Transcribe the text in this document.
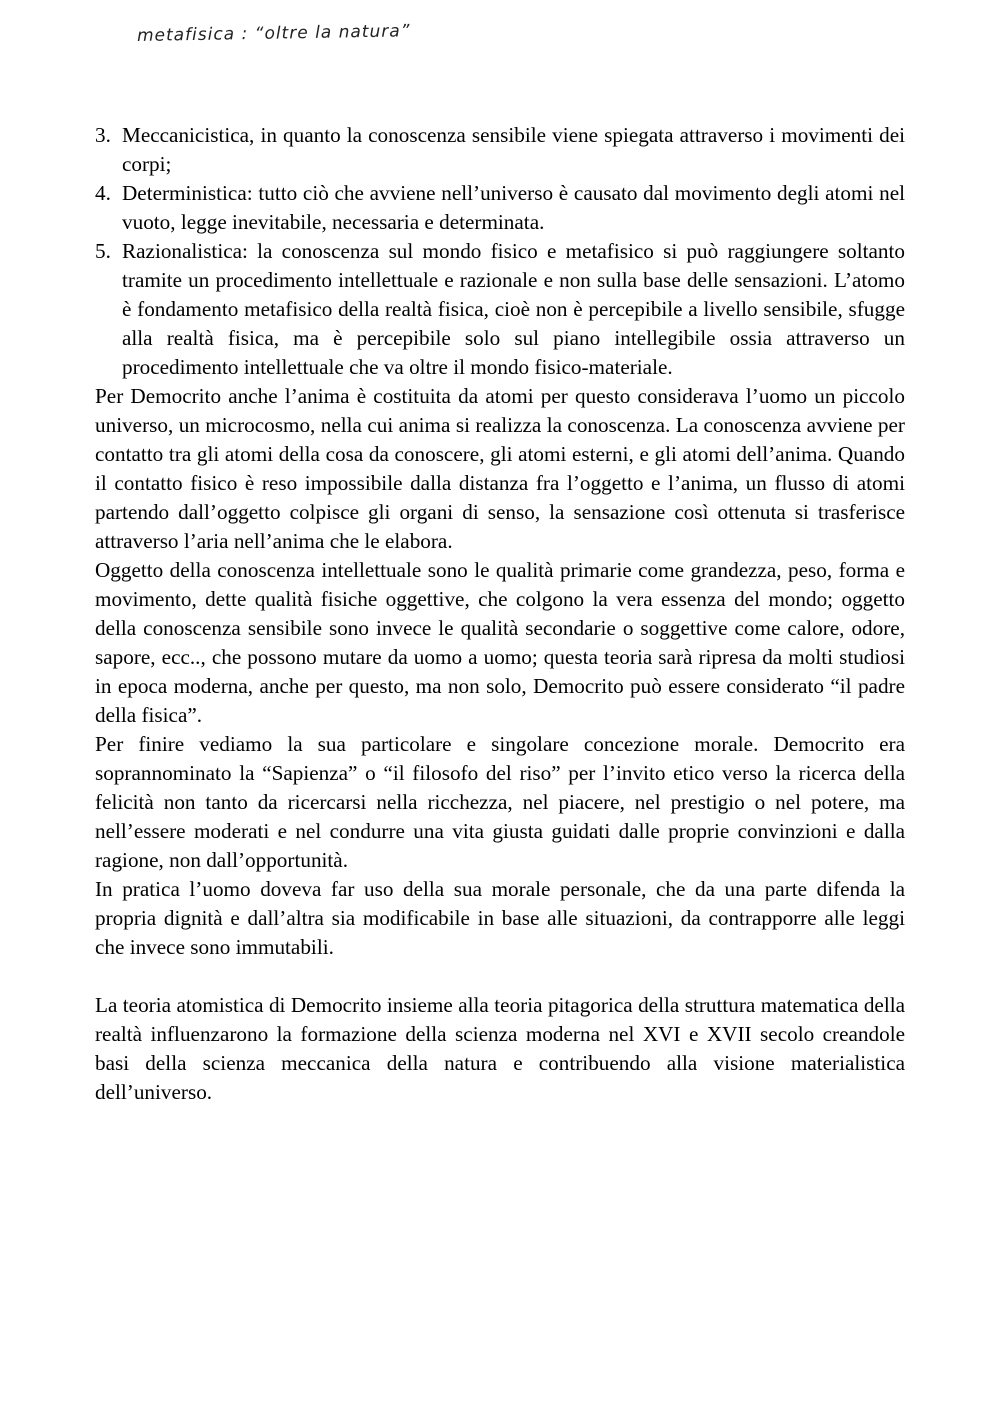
metafisica : “oltre la natura”
3. Meccanicistica, in quanto la conoscenza sensibile viene spiegata attraverso i movimenti dei corpi;
4. Deterministica: tutto ciò che avviene nell’universo è causato dal movimento degli atomi nel vuoto, legge inevitabile, necessaria e determinata.
5. Razionalistica: la conoscenza sul mondo fisico e metafisico si può raggiungere soltanto tramite un procedimento intellettuale e razionale e non sulla base delle sensazioni. L’atomo è fondamento metafisico della realtà fisica, cioè non è percepibile a livello sensibile, sfugge alla realtà fisica, ma è percepibile solo sul piano intellegibile ossia attraverso un procedimento intellettuale che va oltre il mondo fisico-materiale.

Per Democrito anche l’anima è costituita da atomi per questo considerava l’uomo un piccolo universo, un microcosmo, nella cui anima si realizza la conoscenza. La conoscenza avviene per contatto tra gli atomi della cosa da conoscere, gli atomi esterni, e gli atomi dell’anima. Quando il contatto fisico è reso impossibile dalla distanza fra l’oggetto e l’anima, un flusso di atomi partendo dall’oggetto colpisce gli organi di senso, la sensazione così ottenuta si trasferisce attraverso l’aria nell’anima che le elabora.

Oggetto della conoscenza intellettuale sono le qualità primarie come grandezza, peso, forma e movimento, dette qualità fisiche oggettive, che colgono la vera essenza del mondo; oggetto della conoscenza sensibile sono invece le qualità secondarie o soggettive come calore, odore, sapore, ecc.., che possono mutare da uomo a uomo; questa teoria sarà ripresa da molti studiosi in epoca moderna, anche per questo, ma non solo, Democrito può essere considerato “il padre della fisica”.

Per finire vediamo la sua particolare e singolare concezione morale. Democrito era soprannominato la “Sapienza” o “il filosofo del riso” per l’invito etico verso la ricerca della felicità non tanto da ricercarsi nella ricchezza, nel piacere, nel prestigio o nel potere, ma nell’essere moderati e nel condurre una vita giusta guidati dalle proprie convinzioni e dalla ragione, non dall’opportunità.

In pratica l’uomo doveva far uso della sua morale personale, che da una parte difenda la propria dignità e dall’altra sia modificabile in base alle situazioni, da contrapporre alle leggi che invece sono immutabili.

La teoria atomistica di Democrito insieme alla teoria pitagorica della struttura matematica della realtà influenzarono la formazione della scienza moderna nel XVI e XVII secolo creandole basi della scienza meccanica della natura e contribuendo alla visione materialistica dell’universo.
